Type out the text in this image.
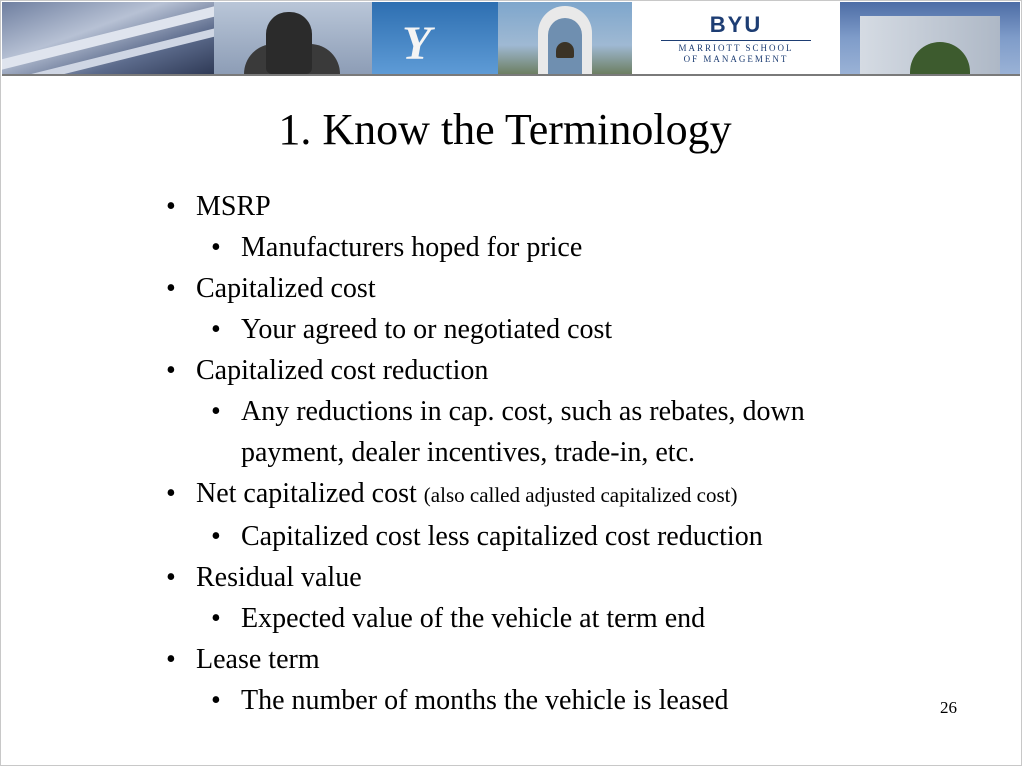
Y	BYU
MARRIOTT SCHOOL
OF MANAGEMENT
1. Know the Terminology
• MSRP
• Manufacturers hoped for price
• Capitalized cost
• Your agreed to or negotiated cost
• Capitalized cost reduction
• Any reductions in cap. cost, such as rebates, down payment, dealer incentives, trade-in, etc.
• Net capitalized cost (also called adjusted capitalized cost)
• Capitalized cost less capitalized cost reduction
• Residual value
• Expected value of the vehicle at term end
• Lease term
• The number of months the vehicle is leased	26
